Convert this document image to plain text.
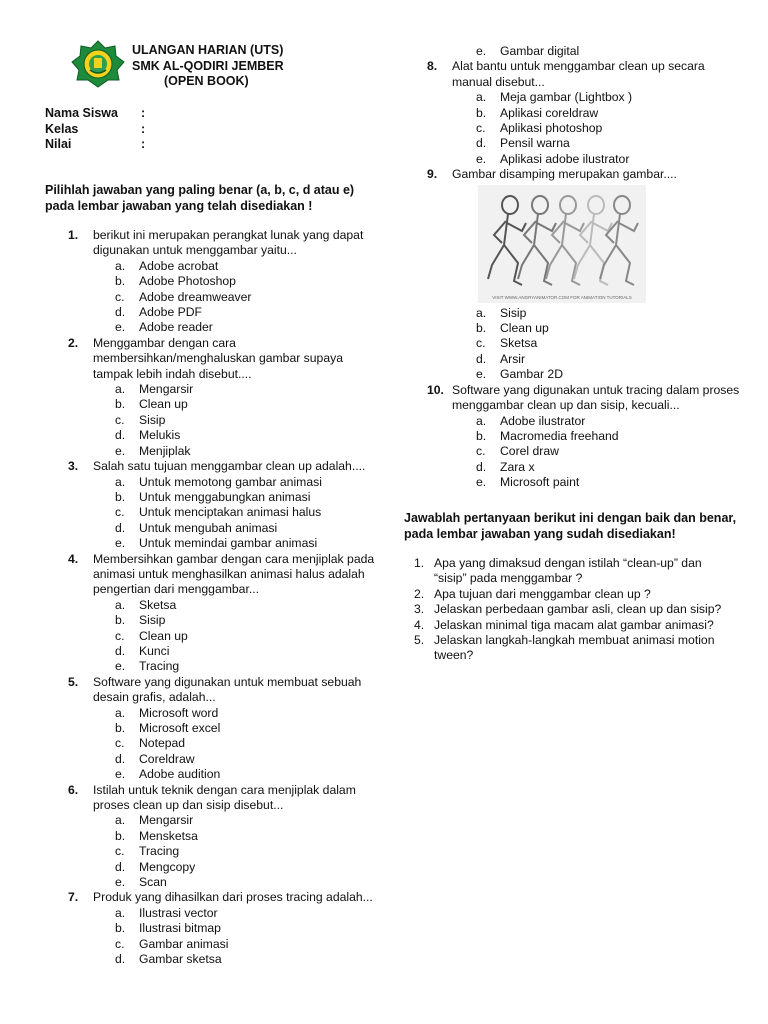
ULANGAN HARIAN (UTS)
SMK AL-QODIRI JEMBER
(OPEN BOOK)
Nama Siswa	:
Kelas	:
Nilai	:
Pilihlah jawaban yang paling benar (a, b, c, d atau e) pada lembar jawaban yang telah disediakan !
1.	berikut ini merupakan perangkat lunak yang dapat digunakan untuk menggambar yaitu...
a.	Adobe acrobat
b.	Adobe Photoshop
c.	Adobe dreamweaver
d.	Adobe PDF
e.	Adobe reader
2.	Menggambar dengan cara membersihkan/menghaluskan gambar supaya tampak lebih indah disebut....
a.	Mengarsir
b.	Clean up
c.	Sisip
d.	Melukis
e.	Menjiplak
3.	Salah satu tujuan menggambar clean up adalah....
a.	Untuk memotong gambar animasi
b.	Untuk menggabungkan animasi
c.	Untuk menciptakan animasi halus
d.	Untuk mengubah animasi
e.	Untuk memindai gambar animasi
4.	Membersihkan gambar dengan cara menjiplak pada animasi untuk menghasilkan animasi halus adalah pengertian dari menggambar...
a.	Sketsa
b.	Sisip
c.	Clean up
d.	Kunci
e.	Tracing
5.	Software yang digunakan untuk membuat sebuah desain grafis, adalah...
a.	Microsoft word
b.	Microsoft excel
c.	Notepad
d.	Coreldraw
e.	Adobe audition
6.	Istilah untuk teknik dengan cara menjiplak dalam proses clean up dan sisip disebut...
a.	Mengarsir
b.	Mensketsa
c.	Tracing
d.	Mengcopy
e.	Scan
7.	Produk yang dihasilkan dari proses tracing adalah...
a.	Ilustrasi vector
b.	Ilustrasi bitmap
c.	Gambar animasi
d.	Gambar sketsa
e.	Gambar digital
8.	Alat bantu untuk menggambar clean up secara manual disebut...
a.	Meja gambar (Lightbox )
b.	Aplikasi coreldraw
c.	Aplikasi photoshop
d.	Pensil warna
e.	Aplikasi adobe ilustrator
9.	Gambar disamping merupakan gambar....
VISIT WWW.ANGRYANIMATOR.COM FOR ANIMATION TUTORIALS
a.	Sisip
b.	Clean up
c.	Sketsa
d.	Arsir
e.	Gambar 2D
10. Software yang digunakan untuk tracing dalam proses menggambar clean up dan sisip, kecuali...
a.	Adobe ilustrator
b.	Macromedia freehand
c.	Corel draw
d.	Zara x
e.	Microsoft paint
Jawablah pertanyaan berikut ini dengan baik dan benar, pada lembar jawaban yang sudah disediakan!
1. Apa yang dimaksud dengan istilah “clean-up” dan “sisip” pada menggambar ?
2. Apa tujuan dari menggambar clean up ?
3. Jelaskan perbedaan gambar asli, clean up dan sisip?
4. Jelaskan minimal tiga macam alat gambar animasi?
5. Jelaskan langkah-langkah membuat animasi motion tween?
